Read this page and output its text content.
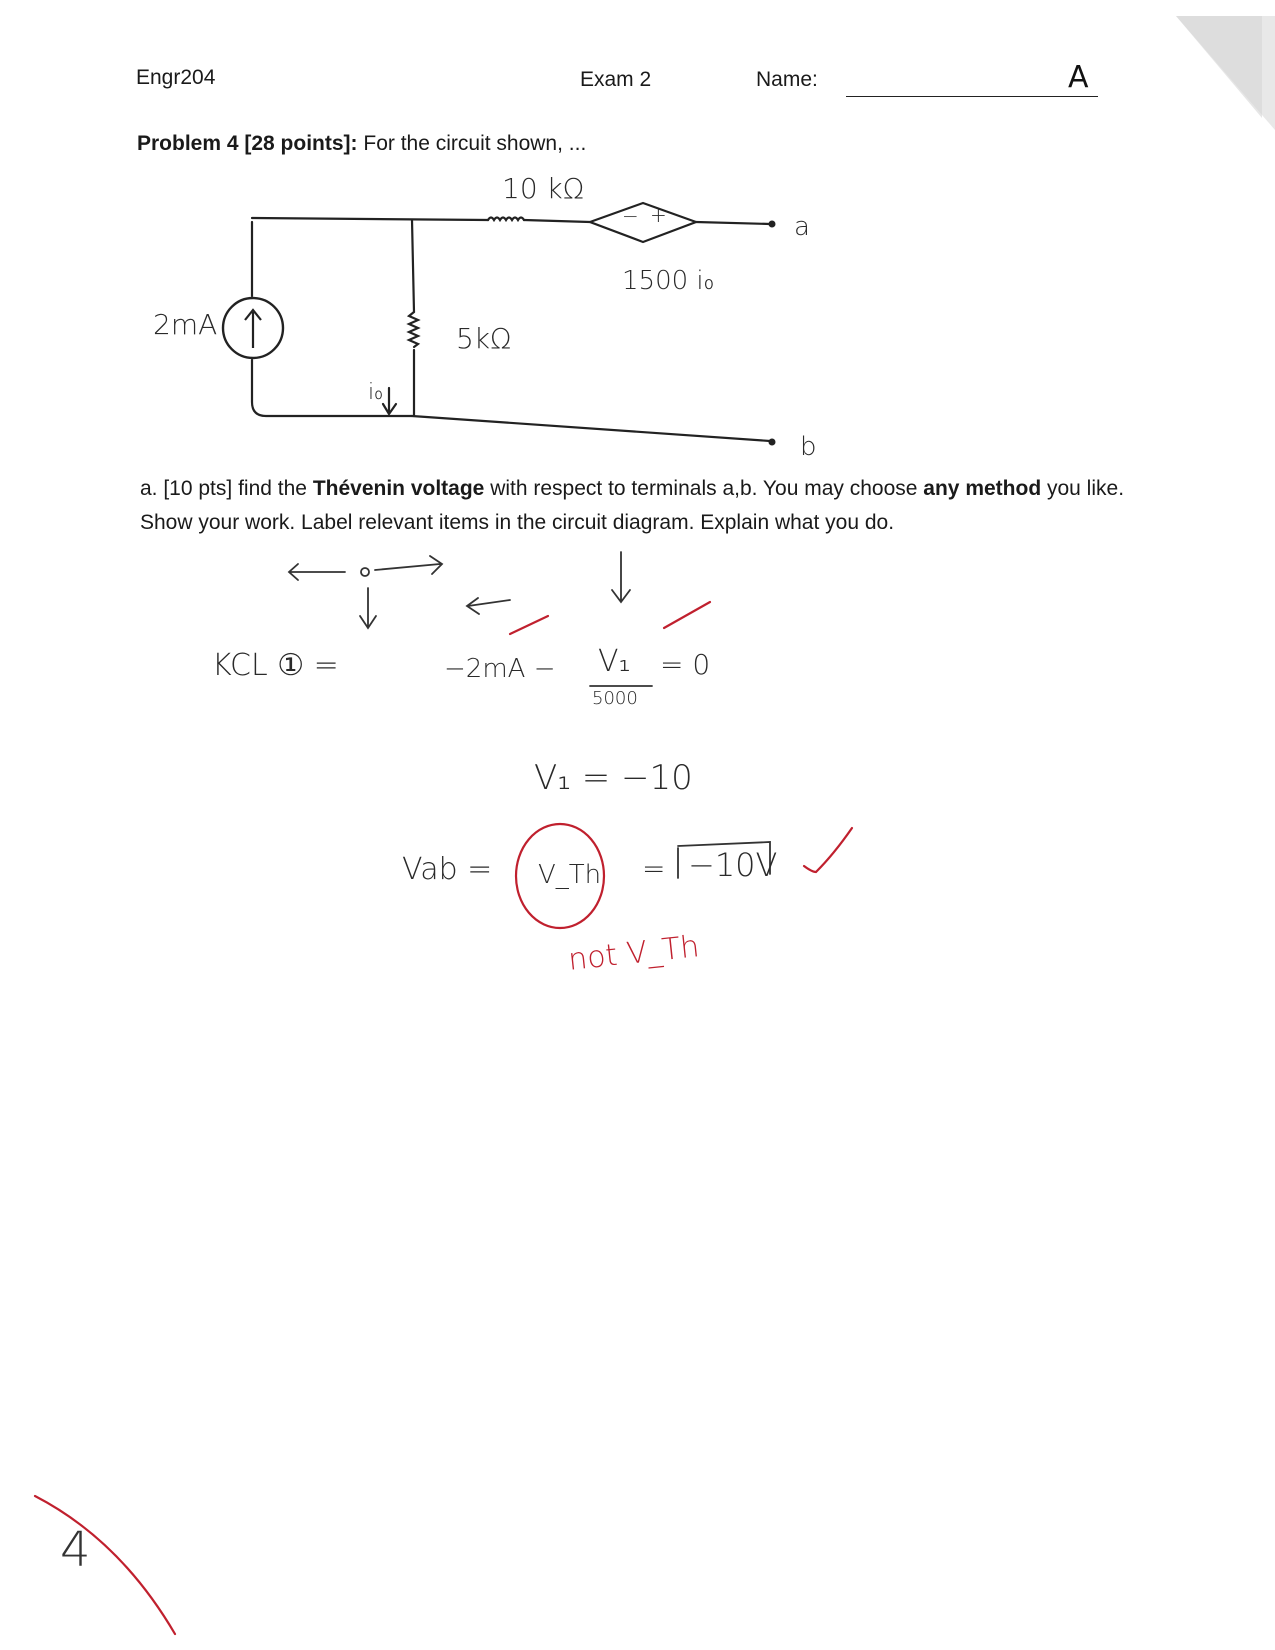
Engr204	Exam 2	Name:	A
Problem 4 [28 points]: For the circuit shown, ...
10 kΩ
− +
1500 i₀
a
2mA	5kΩ
i₀
b
a. [10 pts] find the Thévenin voltage with respect to terminals a,b. You may choose any method you like. Show your work. Label relevant items in the circuit diagram. Explain what you do.
KCL ① =	−2mA − V₁
5000
= 0
V₁ = −10
Vab = V_Th = −10V
not V_Th
4
